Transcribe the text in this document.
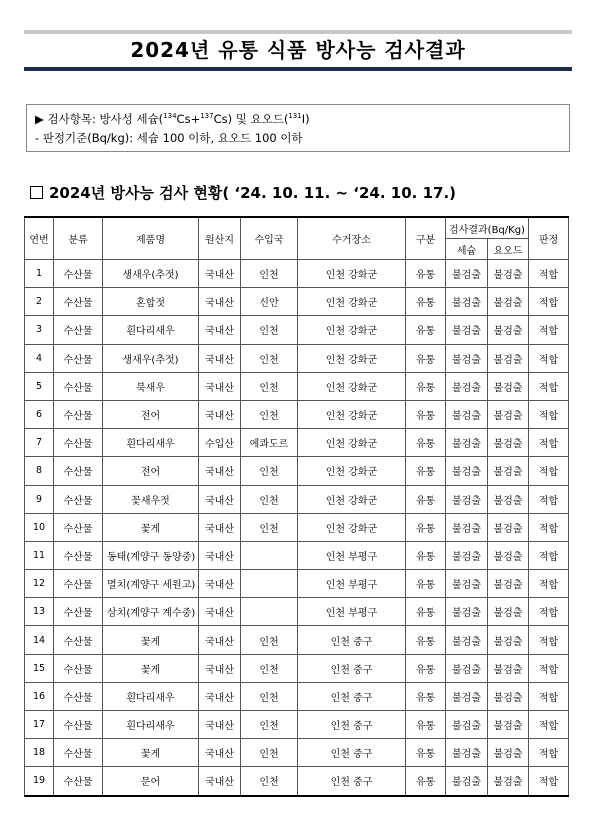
2024년 유통 식품 방사능 검사결과
▶ 검사항목: 방사성 세슘($^{134}$Cs+$^{137}$Cs) 및 요오드($^{131}$I)
- 판정기준(Bq/kg): 세슘 100 이하, 요오드 100 이하
2024년 방사능 검사 현황( ‘24. 10. 11. ~ ‘24. 10. 17.)
연번	분류	제품명	원산지	수입국	수거장소	구분	검사결과(Bq/Kg)		판정
							세슘	요오드	
1	수산물	생새우(추젓)	국내산	인천	인천 강화군	유통	불검출	불검출	적합
2	수산물	혼합젓	국내산	신안	인천 강화군	유통	불검출	불검출	적합
3	수산물	흰다리새우	국내산	인천	인천 강화군	유통	불검출	불검출	적합
4	수산물	생새우(추젓)	국내산	인천	인천 강화군	유통	불검출	불검출	적합
5	수산물	북새우	국내산	인천	인천 강화군	유통	불검출	불검출	적합
6	수산물	전어	국내산	인천	인천 강화군	유통	불검출	불검출	적합
7	수산물	흰다리새우	수입산	에콰도르	인천 강화군	유통	불검출	불검출	적합
8	수산물	전어	국내산	인천	인천 강화군	유통	불검출	불검출	적합
9	수산물	꽃새우젓	국내산	인천	인천 강화군	유통	불검출	불검출	적합
10	수산물	꽃게	국내산	인천	인천 강화군	유통	불검출	불검출	적합
11	수산물	동태(계양구 동양중)	국내산		인천 부평구	유통	불검출	불검출	적합
12	수산물	멸치(계양구 세원고)	국내산		인천 부평구	유통	불검출	불검출	적합
13	수산물	삼치(계양구 계수중)	국내산		인천 부평구	유통	불검출	불검출	적합
14	수산물	꽃게	국내산	인천	인천 중구	유통	불검출	불검출	적합
15	수산물	꽃게	국내산	인천	인천 중구	유통	불검출	불검출	적합
16	수산물	흰다리새우	국내산	인천	인천 중구	유통	불검출	불검출	적합
17	수산물	흰다리새우	국내산	인천	인천 중구	유통	불검출	불검출	적합
18	수산물	꽃게	국내산	인천	인천 중구	유통	불검출	불검출	적합
19	수산물	문어	국내산	인천	인천 중구	유통	불검출	불검출	적합
